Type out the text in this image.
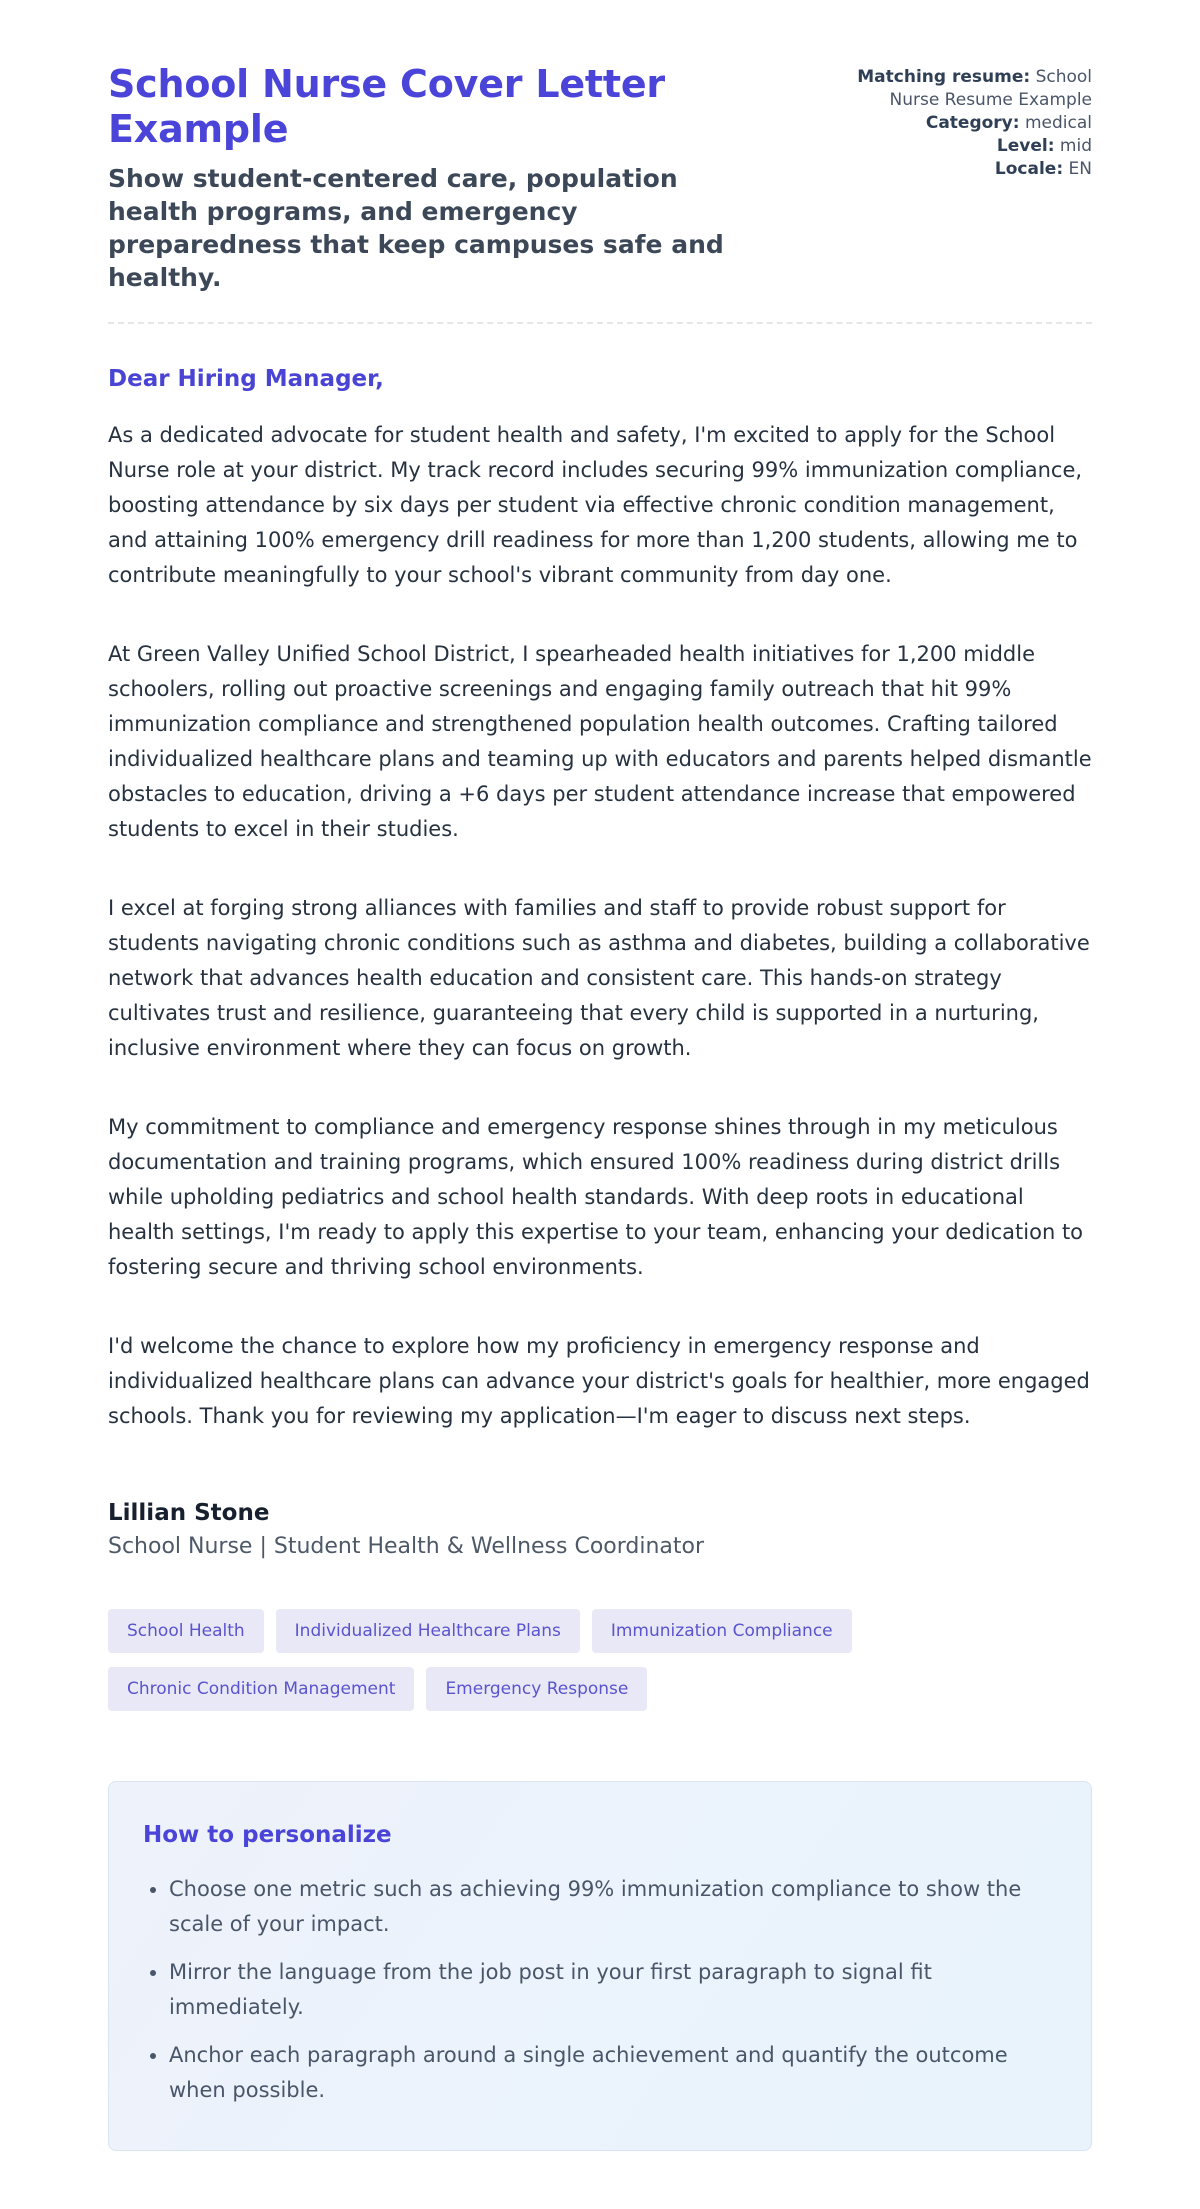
School Nurse Cover Letter Example

Show student-centered care, population health programs, and emergency preparedness that keep campuses safe and healthy.

Matching resume: School Nurse Resume Example

Category: medical

Level: mid

Locale: EN

Dear Hiring Manager,

As a dedicated advocate for student health and safety, I'm excited to apply for the School Nurse role at your district. My track record includes securing 99% immunization compliance, boosting attendance by six days per student via effective chronic condition management, and attaining 100% emergency drill readiness for more than 1,200 students, allowing me to contribute meaningfully to your school's vibrant community from day one.

At Green Valley Unified School District, I spearheaded health initiatives for 1,200 middle schoolers, rolling out proactive screenings and engaging family outreach that hit 99% immunization compliance and strengthened population health outcomes. Crafting tailored individualized healthcare plans and teaming up with educators and parents helped dismantle obstacles to education, driving a +6 days per student attendance increase that empowered students to excel in their studies.

I excel at forging strong alliances with families and staff to provide robust support for students navigating chronic conditions such as asthma and diabetes, building a collaborative network that advances health education and consistent care. This hands-on strategy cultivates trust and resilience, guaranteeing that every child is supported in a nurturing, inclusive environment where they can focus on growth.

My commitment to compliance and emergency response shines through in my meticulous documentation and training programs, which ensured 100% readiness during district drills while upholding pediatrics and school health standards. With deep roots in educational health settings, I'm ready to apply this expertise to your team, enhancing your dedication to fostering secure and thriving school environments.

I'd welcome the chance to explore how my proficiency in emergency response and individualized healthcare plans can advance your district's goals for healthier, more engaged schools. Thank you for reviewing my application—I'm eager to discuss next steps.

Lillian Stone

School Nurse | Student Health & Wellness Coordinator

School Health	Individualized Healthcare Plans	Immunization Compliance
Chronic Condition Management	Emergency Response
How to personalize
• Choose one metric such as achieving 99% immunization compliance to show the scale of your impact.
• Mirror the language from the job post in your first paragraph to signal fit immediately.
• Anchor each paragraph around a single achievement and quantify the outcome when possible.
